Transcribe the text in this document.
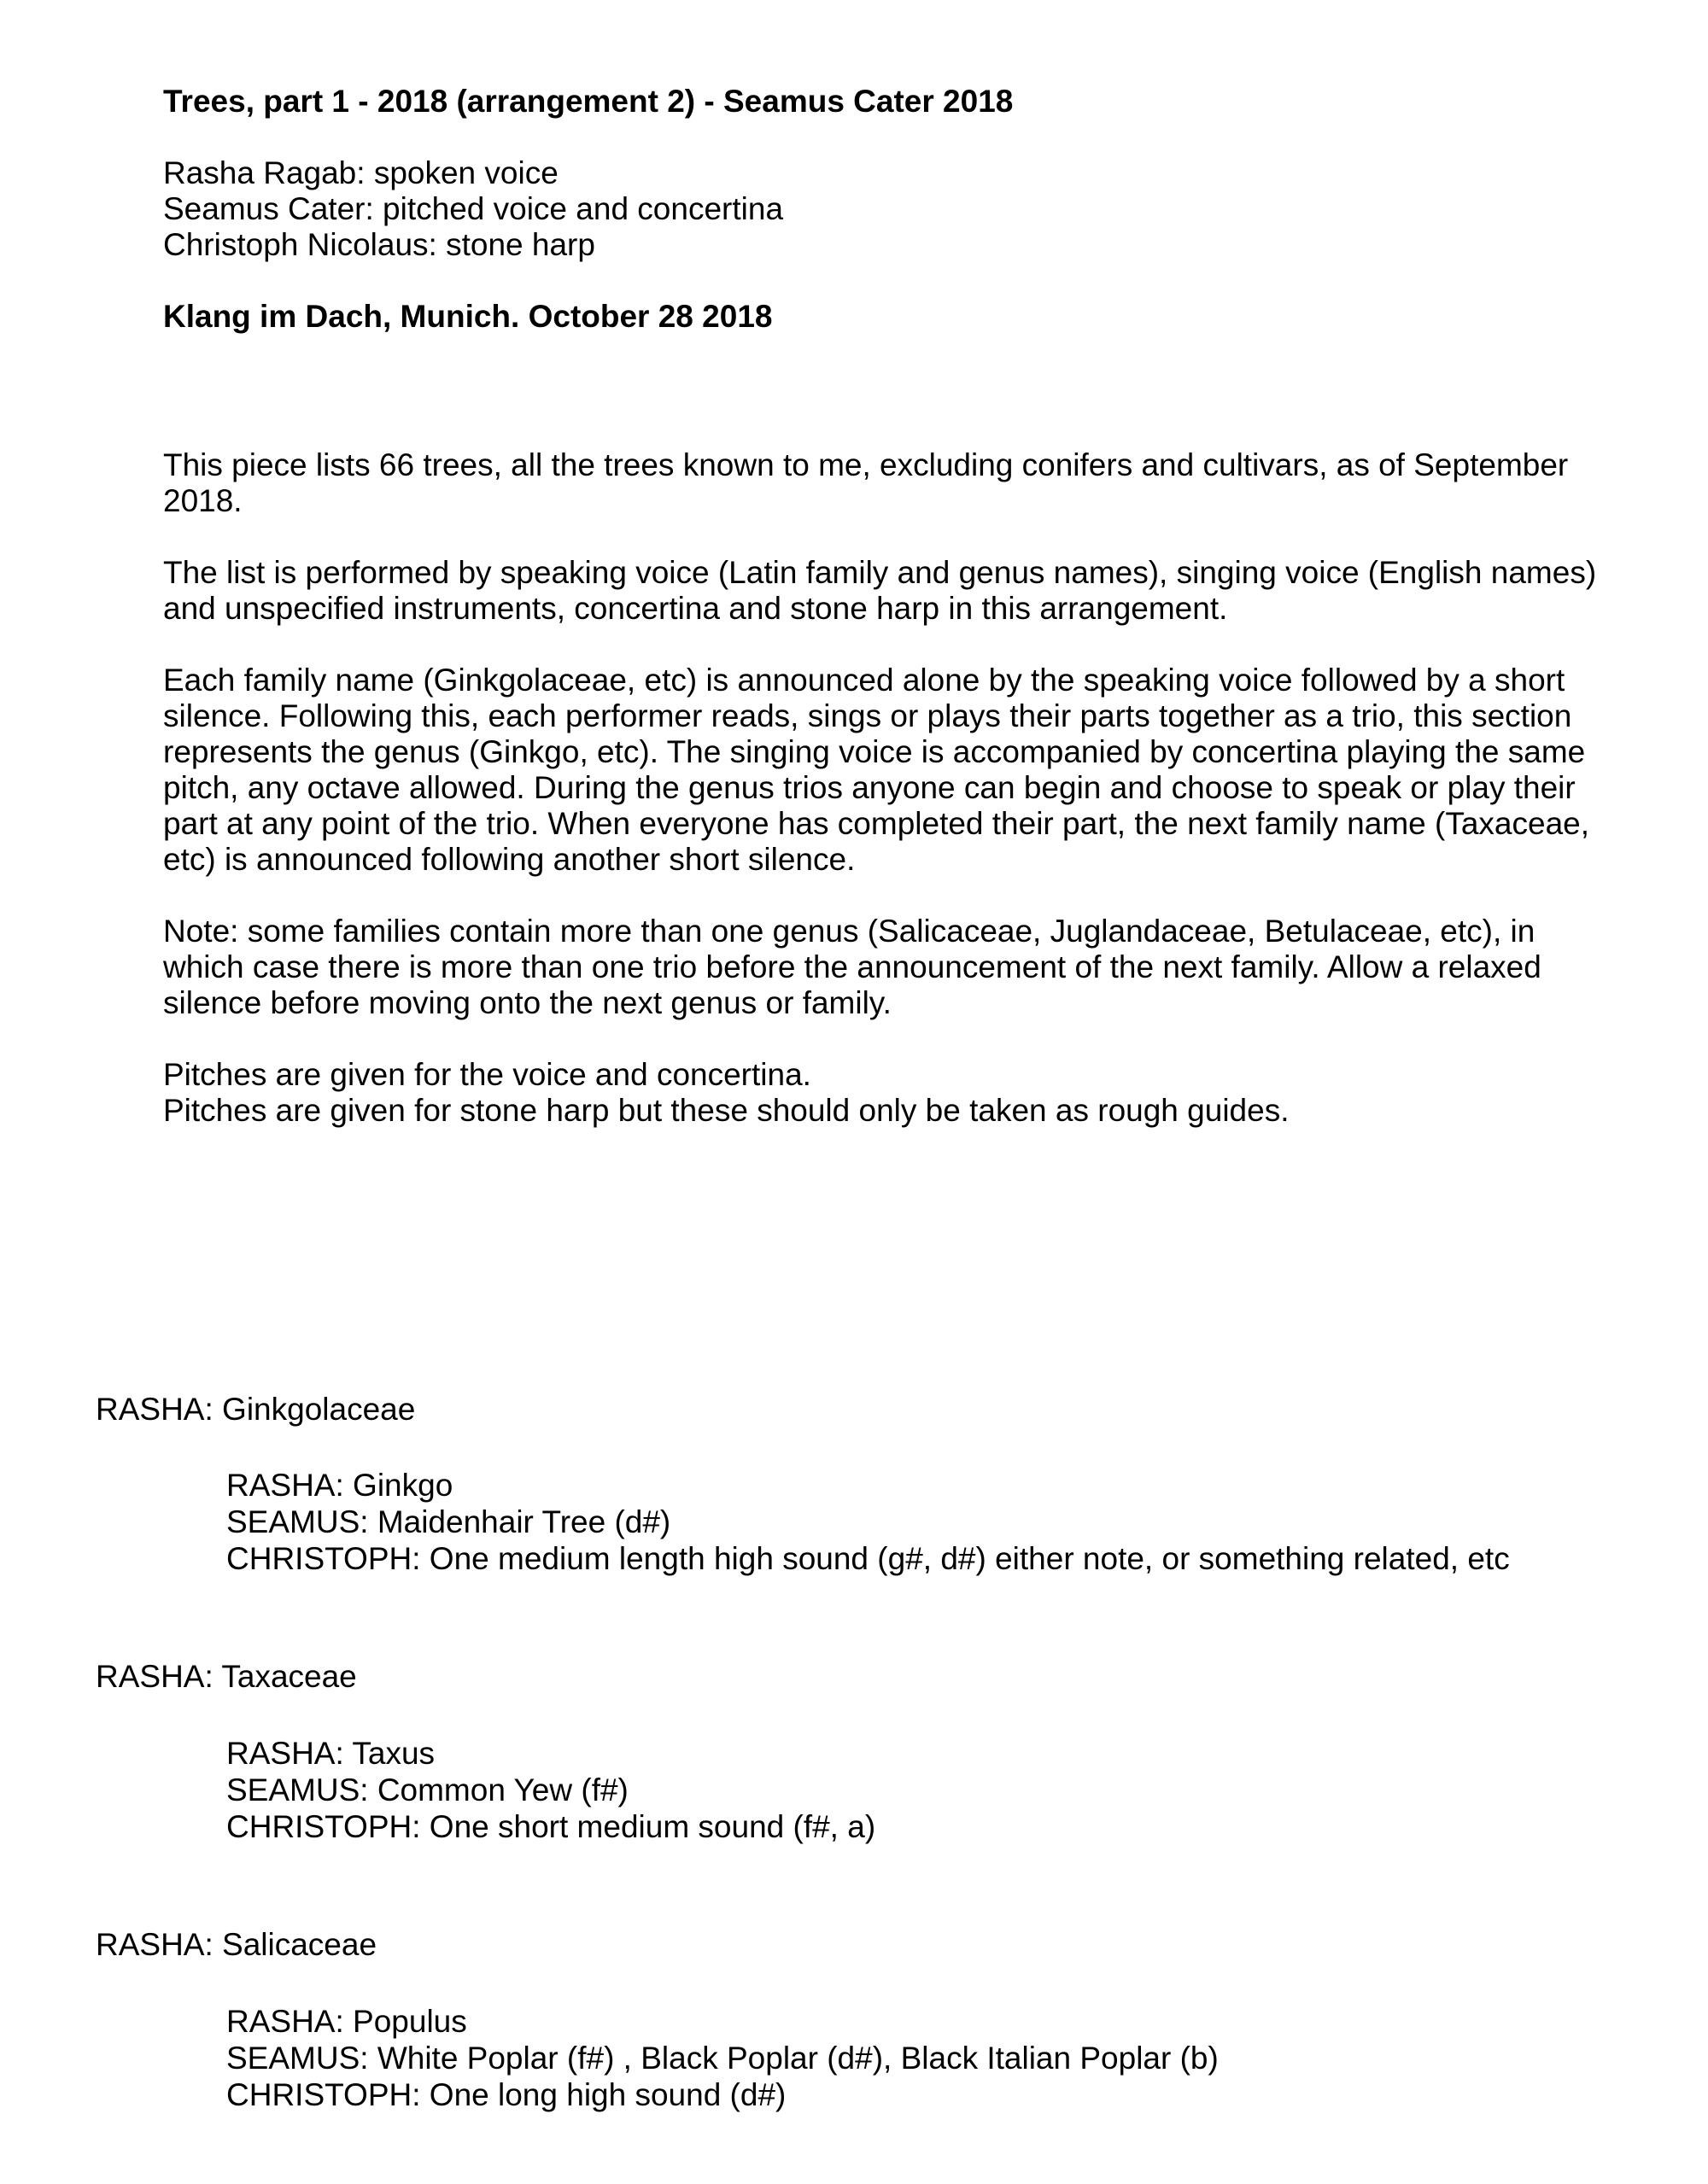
Trees, part 1 - 2018 (arrangement 2) - Seamus Cater 2018
Rasha Ragab: spoken voice
Seamus Cater: pitched voice and concertina
Christoph Nicolaus: stone harp
Klang im Dach, Munich. October 28 2018

This piece lists 66 trees, all the trees known to me, excluding conifers and cultivars, as of September 2018.

The list is performed by speaking voice (Latin family and genus names), singing voice (English names) and unspecified instruments, concertina and stone harp in this arrangement.

Each family name (Ginkgolaceae, etc) is announced alone by the speaking voice followed by a short silence. Following this, each performer reads, sings or plays their parts together as a trio, this section represents the genus (Ginkgo, etc). The singing voice is accompanied by concertina playing the same pitch, any octave allowed. During the genus trios anyone can begin and choose to speak or play their part at any point of the trio. When everyone has completed their part, the next family name (Taxaceae, etc) is announced following another short silence.

Note: some families contain more than one genus (Salicaceae, Juglandaceae, Betulaceae, etc), in which case there is more than one trio before the announcement of the next family. Allow a relaxed silence before moving onto the next genus or family.

Pitches are given for the voice and concertina.
Pitches are given for stone harp but these should only be taken as rough guides.
RASHA: Ginkgolaceae
RASHA: Ginkgo
SEAMUS: Maidenhair Tree (d#)
CHRISTOPH: One medium length high sound (g#, d#) either note, or something related, etc
RASHA: Taxaceae
RASHA: Taxus
SEAMUS: Common Yew (f#)
CHRISTOPH: One short medium sound (f#, a)
RASHA: Salicaceae
RASHA: Populus
SEAMUS: White Poplar (f#) , Black Poplar (d#), Black Italian Poplar (b)
CHRISTOPH: One long high sound (d#)
